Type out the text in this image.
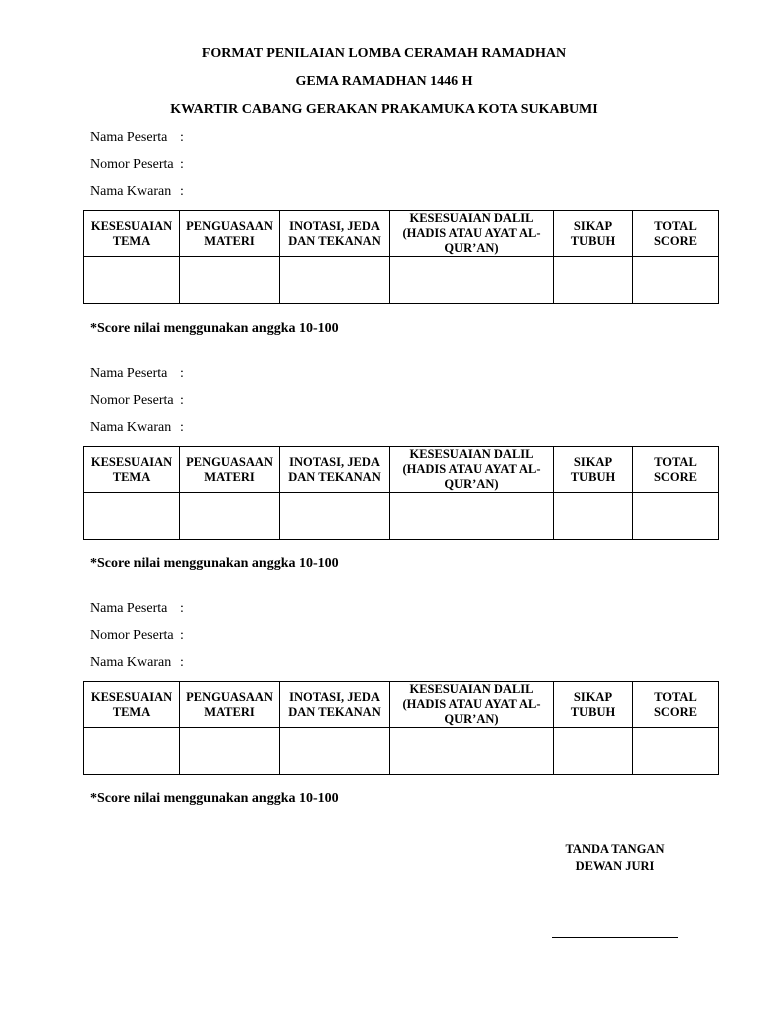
FORMAT PENILAIAN LOMBA CERAMAH RAMADHAN
GEMA RAMADHAN 1446 H
KWARTIR CABANG GERAKAN PRAKAMUKA KOTA SUKABUMI
Nama Peserta :
Nomor Peserta :
Nama Kwaran :
KESESUAIAN TEMA	PENGUASAAN MATERI	INOTASI, JEDA DAN TEKANAN	KESESUAIAN DALIL (HADIS ATAU AYAT AL-QUR’AN)	SIKAP TUBUH	TOTAL SCORE

*Score nilai menggunakan anggka 10-100
Nama Peserta :
Nomor Peserta :
Nama Kwaran :
KESESUAIAN TEMA	PENGUASAAN MATERI	INOTASI, JEDA DAN TEKANAN	KESESUAIAN DALIL (HADIS ATAU AYAT AL-QUR’AN)	SIKAP TUBUH	TOTAL SCORE

*Score nilai menggunakan anggka 10-100
Nama Peserta :
Nomor Peserta :
Nama Kwaran :
KESESUAIAN TEMA	PENGUASAAN MATERI	INOTASI, JEDA DAN TEKANAN	KESESUAIAN DALIL (HADIS ATAU AYAT AL-QUR’AN)	SIKAP TUBUH	TOTAL SCORE

*Score nilai menggunakan anggka 10-100
TANDA TANGAN
DEWAN JURI
